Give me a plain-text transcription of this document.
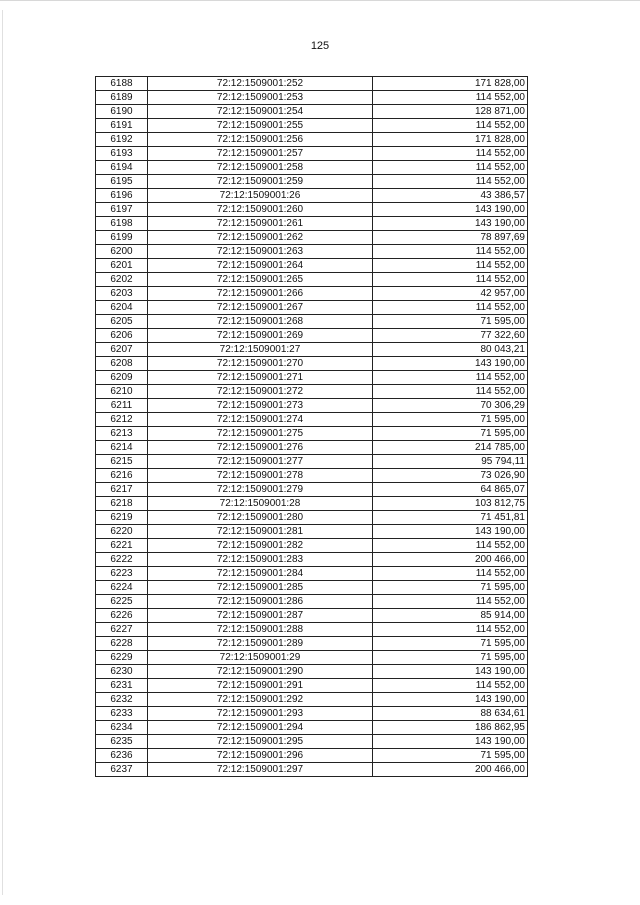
125
6188	72:12:1509001:252	171 828,00
6189	72:12:1509001:253	114 552,00
6190	72:12:1509001:254	128 871,00
6191	72:12:1509001:255	114 552,00
6192	72:12:1509001:256	171 828,00
6193	72:12:1509001:257	114 552,00
6194	72:12:1509001:258	114 552,00
6195	72:12:1509001:259	114 552,00
6196	72:12:1509001:26	43 386,57
6197	72:12:1509001:260	143 190,00
6198	72:12:1509001:261	143 190,00
6199	72:12:1509001:262	78 897,69
6200	72:12:1509001:263	114 552,00
6201	72:12:1509001:264	114 552,00
6202	72:12:1509001:265	114 552,00
6203	72:12:1509001:266	42 957,00
6204	72:12:1509001:267	114 552,00
6205	72:12:1509001:268	71 595,00
6206	72:12:1509001:269	77 322,60
6207	72:12:1509001:27	80 043,21
6208	72:12:1509001:270	143 190,00
6209	72:12:1509001:271	114 552,00
6210	72:12:1509001:272	114 552,00
6211	72:12:1509001:273	70 306,29
6212	72:12:1509001:274	71 595,00
6213	72:12:1509001:275	71 595,00
6214	72:12:1509001:276	214 785,00
6215	72:12:1509001:277	95 794,11
6216	72:12:1509001:278	73 026,90
6217	72:12:1509001:279	64 865,07
6218	72:12:1509001:28	103 812,75
6219	72:12:1509001:280	71 451,81
6220	72:12:1509001:281	143 190,00
6221	72:12:1509001:282	114 552,00
6222	72:12:1509001:283	200 466,00
6223	72:12:1509001:284	114 552,00
6224	72:12:1509001:285	71 595,00
6225	72:12:1509001:286	114 552,00
6226	72:12:1509001:287	85 914,00
6227	72:12:1509001:288	114 552,00
6228	72:12:1509001:289	71 595,00
6229	72:12:1509001:29	71 595,00
6230	72:12:1509001:290	143 190,00
6231	72:12:1509001:291	114 552,00
6232	72:12:1509001:292	143 190,00
6233	72:12:1509001:293	88 634,61
6234	72:12:1509001:294	186 862,95
6235	72:12:1509001:295	143 190,00
6236	72:12:1509001:296	71 595,00
6237	72:12:1509001:297	200 466,00
